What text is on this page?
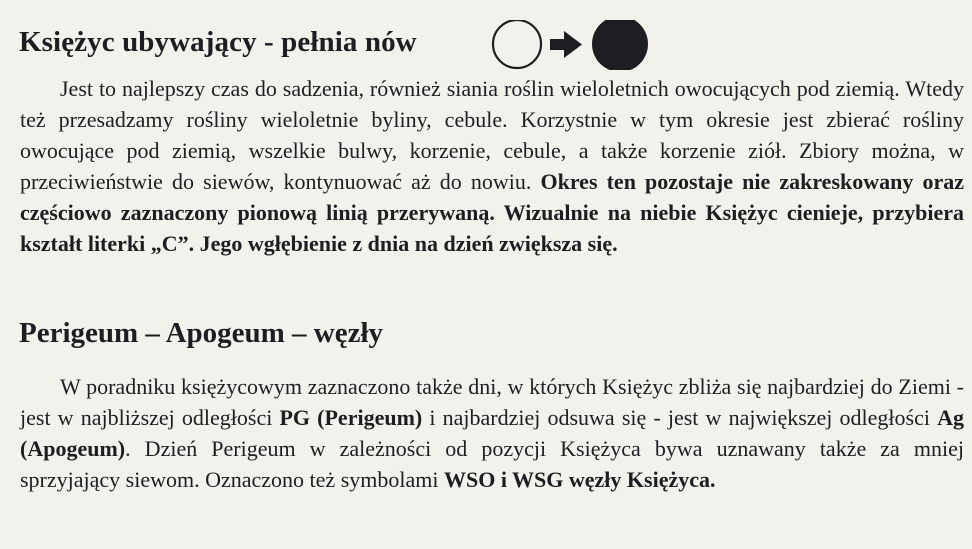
Księżyc ubywający - pełnia nów
Jest to najlepszy czas do sadzenia, również siania roślin wieloletnich owocujących pod ziemią. Wtedy też przesadzamy rośliny wieloletnie byliny, cebule. Korzystnie w tym okresie jest zbierać rośliny owocujące pod ziemią, wszelkie bulwy, korzenie, cebule, a także korzenie ziół. Zbiory można, w przeciwieństwie do siewów, kontynuować aż do nowiu. Okres ten pozostaje nie zakreskowany oraz częściowo zaznaczony pionową linią przerywaną. Wizualnie na niebie Księżyc cienieje, przybiera kształt literki „C”. Jego wgłębienie z dnia na dzień zwiększa się.
Perigeum – Apogeum – węzły
W poradniku księżycowym zaznaczono także dni, w których Księżyc zbliża się najbardziej do Ziemi - jest w najbliższej odległości PG (Perigeum) i najbardziej odsuwa się - jest w największej odległości Ag (Apogeum). Dzień Perigeum w zależności od pozycji Księżyca bywa uznawany także za mniej sprzyjający siewom. Oznaczono też symbolami WSO i WSG węzły Księżyca.
